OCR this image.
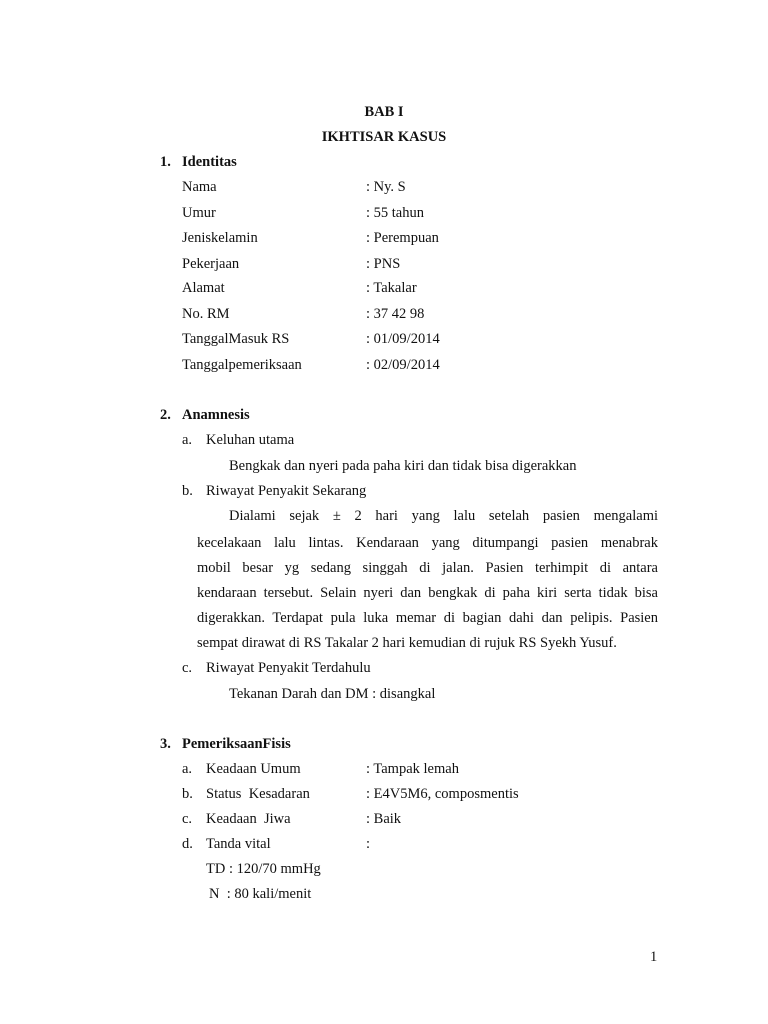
BAB I
IKHTISAR KASUS
1. Identitas
Nama	: Ny. S
Umur	: 55 tahun
Jeniskelamin	: Perempuan
Pekerjaan	: PNS
Alamat	: Takalar
No. RM	: 37 42 98
TanggalMasuk RS	: 01/09/2014
Tanggalpemeriksaan	: 02/09/2014
2. Anamnesis
a. Keluhan utama
Bengkak dan nyeri pada paha kiri dan tidak bisa digerakkan
b. Riwayat Penyakit Sekarang
Dialami sejak ± 2 hari yang lalu setelah pasien mengalami
kecelakaan lalu lintas. Kendaraan yang ditumpangi pasien menabrak
mobil besar yg sedang singgah di jalan. Pasien terhimpit di antara
kendaraan tersebut. Selain nyeri dan bengkak di paha kiri serta tidak bisa
digerakkan. Terdapat pula luka memar di bagian dahi dan pelipis. Pasien
sempat dirawat di RS Takalar 2 hari kemudian di rujuk RS Syekh Yusuf.
c. Riwayat Penyakit Terdahulu
Tekanan Darah dan DM : disangkal
3. PemeriksaanFisis
a. Keadaan Umum	: Tampak lemah
b. Status  Kesadaran	: E4V5M6, composmentis
c. Keadaan  Jiwa	: Baik
d. Tanda vital	:
TD : 120/70 mmHg
N  : 80 kali/menit
1
